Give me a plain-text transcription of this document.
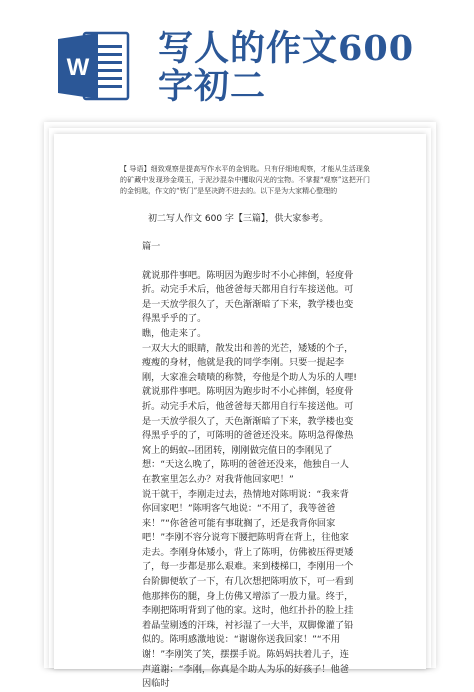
W 写人的作文600
字初二
【 导语】细致观察是提高写作水平的金钥匙。只有仔细地观察，才能从生活现象的矿藏中发现珍金璞玉，于泥沙混杂中攫取闪光的宝物。不掌握“观察”这把开门的金钥匙，作文的“铁门”是坚决跨不进去的。以下是为大家精心整理的
初二写人作文 600 字【三篇】，供大家参考。

篇一

就说那件事吧。陈明因为跑步时不小心摔倒，轻度骨折。动完手术后，他爸爸每天都用自行车接送他。可是一天放学很久了，天色渐渐暗了下来，教学楼也变得黑乎乎的了。

瞧，他走来了。

一双大大的眼睛，散发出和善的光芒，矮矮的个子，瘦瘦的身材，他就是我的同学李刚。只要一提起李刚，大家准会啧啧的称赞，夸他是个助人为乐的人哩!

就说那件事吧。陈明因为跑步时不小心摔倒，轻度骨折。动完手术后，他爸爸每天都用自行车接送他。可是一天放学很久了，天色渐渐暗了下来，教学楼也变得黑乎乎的了，可陈明的爸爸还没来。陈明急得像热窝上的蚂蚁--团团转，刚刚做完值日的李刚见了想：“天这么晚了，陈明的爸爸还没来，他独自一人在教室里怎么办？对我背他回家吧！”

说干就干，李刚走过去，热情地对陈明说：“我来背你回家吧！”陈明客气地说：“不用了，我等爸爸来！”“你爸爸可能有事耽搁了，还是我背你回家吧！”李刚不容分说弯下腰把陈明背在背上，往他家走去。李刚身体矮小，背上了陈明，仿佛被压得更矮了，每一步都是那么艰难。来到楼梯口，李刚用一个台阶脚便软了一下，有几次想把陈明放下，可一看到他那摔伤的腿，身上仿佛又增添了一股力量。终于，李刚把陈明背到了他的家。这时，他红扑扑的脸上挂着晶莹剔透的汗珠，衬衫湿了一大半，双脚像灌了铅似的。陈明感激地说：“谢谢你送我回家！”“不用谢！”李刚笑了笑，摆摆手说。陈妈妈扶着儿子，连声道谢：“李刚，你真是个助人为乐的好孩子！他爸因临时
